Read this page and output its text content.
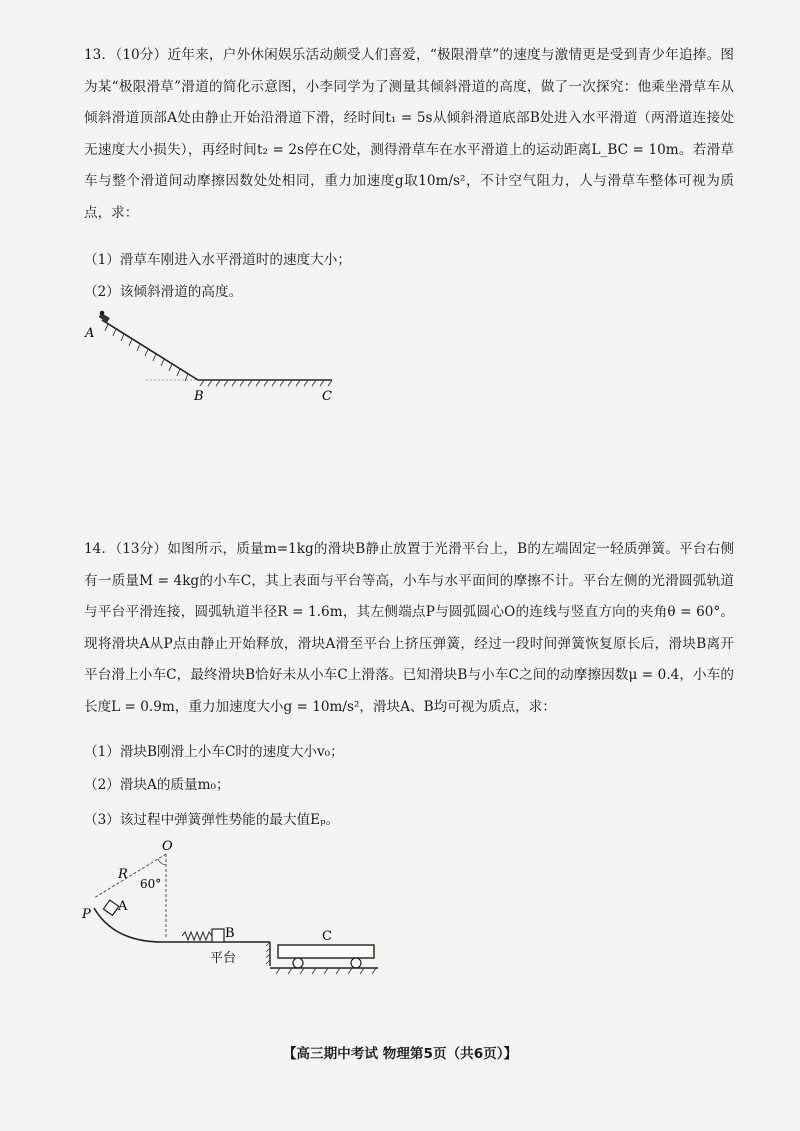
13．（10分）近年来，户外休闲娱乐活动颇受人们喜爱，“极限滑草”的速度与激情更是受到青少年追捧。图为某“极限滑草”滑道的简化示意图，小李同学为了测量其倾斜滑道的高度，做了一次探究：他乘坐滑草车从倾斜滑道顶部A处由静止开始沿滑道下滑，经时间t₁ = 5s从倾斜滑道底部B处进入水平滑道（两滑道连接处无速度大小损失），再经时间t₂ = 2s停在C处，测得滑草车在水平滑道上的运动距离L_BC = 10m。若滑草车与整个滑道间动摩擦因数处处相同，重力加速度g取10m/s²，不计空气阻力，人与滑草车整体可视为质点，求：

（1）滑草车刚进入水平滑道时的速度大小；

（2）该倾斜滑道的高度。

A
B	C

14．（13分）如图所示，质量m=1kg的滑块B静止放置于光滑平台上，B的左端固定一轻质弹簧。平台右侧有一质量M = 4kg的小车C，其上表面与平台等高，小车与水平面间的摩擦不计。平台左侧的光滑圆弧轨道与平台平滑连接，圆弧轨道半径R = 1.6m，其左侧端点P与圆弧圆心O的连线与竖直方向的夹角θ = 60°。现将滑块A从P点由静止开始释放，滑块A滑至平台上挤压弹簧，经过一段时间弹簧恢复原长后，滑块B离开平台滑上小车C，最终滑块B恰好未从小车C上滑落。已知滑块B与小车C之间的动摩擦因数μ = 0.4，小车的长度L = 0.9m，重力加速度大小g = 10m/s²，滑块A、B均可视为质点，求：

（1）滑块B刚滑上小车C时的速度大小v₀；

（2）滑块A的质量m₀；

（3）该过程中弹簧弹性势能的最大值Eₚ。

O
R
60°
P
A
B	C
平台
【高三期中考试 物理第5页（共6页）】
